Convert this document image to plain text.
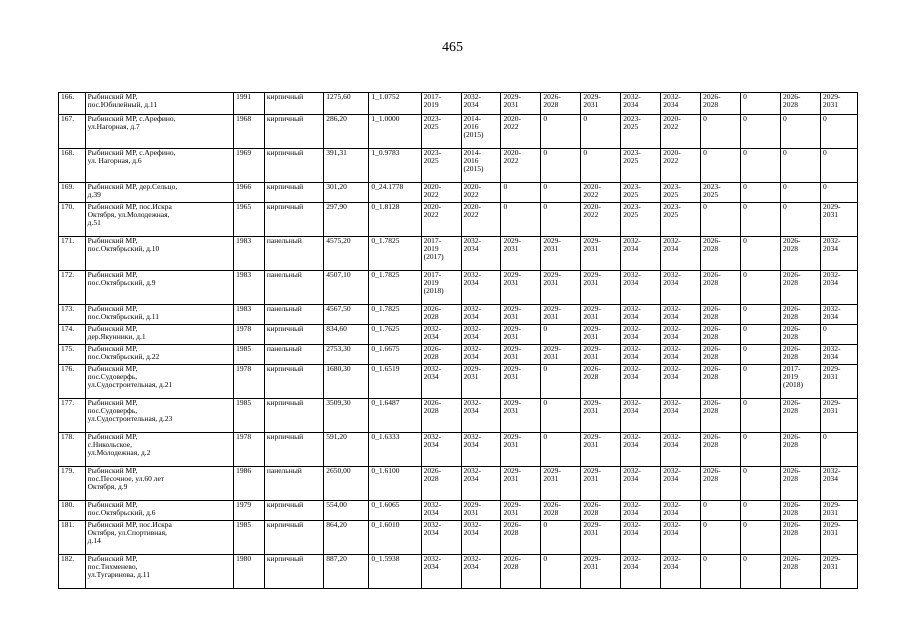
465
166.	Рыбинский МР,
пос.Юбилейный, д.11	1991	кирпичный	1275,60	1_1.0752	2017-
2019	2032-
2034	2029-
2031	2026-
2028	2029-
2031	2032-
2034	2032-
2034	2026-
2028	0	2026-
2028	2029-
2031
167.	Рыбинский МР, с.Арефино,
ул.Нагорная, д.7	1968	кирпичный	286,20	1_1.0000	2023-
2025	2014-
2016
(2015)	2020-
2022	0	0	2023-
2025	2020-
2022	0	0	0	0
168.	Рыбинский МР, с.Арефино,
ул. Нагорная, д.6	1969	кирпичный	391,31	1_0.9783	2023-
2025	2014-
2016
(2015)	2020-
2022	0	0	2023-
2025	2020-
2022	0	0	0	0
169.	Рыбинский МР, дер.Сельцо,
д.39	1966	кирпичный	301,20	0_24.1778	2020-
2022	2020-
2022	0	0	2020-
2022	2023-
2025	2023-
2025	2023-
2025	0	0	0
170.	Рыбинский МР, пос.Искра
Октября, ул.Молодежная,
д.51	1965	кирпичный	297,90	0_1.8128	2020-
2022	2020-
2022	0	0	2020-
2022	2023-
2025	2023-
2025	0	0	0	2029-
2031
171.	Рыбинский МР,
пос.Октябрьский, д.10	1983	панельный	4575,20	0_1.7825	2017-
2019
(2017)	2032-
2034	2029-
2031	2029-
2031	2029-
2031	2032-
2034	2032-
2034	2026-
2028	0	2026-
2028	2032-
2034
172.	Рыбинский МР,
пос.Октябрьский, д.9	1983	панельный	4507,10	0_1.7825	2017-
2019
(2018)	2032-
2034	2029-
2031	2029-
2031	2029-
2031	2032-
2034	2032-
2034	2026-
2028	0	2026-
2028	2032-
2034
173.	Рыбинский МР,
пос.Октябрьский, д.11	1983	панельный	4567,50	0_1.7825	2026-
2028	2032-
2034	2029-
2031	2029-
2031	2029-
2031	2032-
2034	2032-
2034	2026-
2028	0	2026-
2028	2032-
2034
174.	Рыбинский МР,
дер.Якунники, д.1	1978	кирпичный	834,60	0_1.7625	2032-
2034	2032-
2034	2029-
2031	0	2029-
2031	2032-
2034	2032-
2034	2026-
2028	0	2026-
2028	0
175.	Рыбинский МР,
пос.Октябрьский, д.22	1985	панельный	2753,30	0_1.6675	2026-
2028	2032-
2034	2029-
2031	2029-
2031	2029-
2031	2032-
2034	2032-
2034	2026-
2028	0	2026-
2028	2032-
2034
176.	Рыбинский МР,
пос.Судоверфь,
ул.Судостроительная, д.21	1978	кирпичный	1680,30	0_1.6519	2032-
2034	2029-
2031	2029-
2031	0	2026-
2028	2032-
2034	2032-
2034	2026-
2028	0	2017-
2019
(2018)	2029-
2031
177.	Рыбинский МР,
пос.Судоверфь,
ул.Судостроительная, д.23	1985	кирпичный	3509,30	0_1.6487	2026-
2028	2032-
2034	2029-
2031	0	2029-
2031	2032-
2034	2032-
2034	2026-
2028	0	2026-
2028	2029-
2031
178.	Рыбинский МР,
с.Никольское,
ул.Молодежная, д.2	1978	кирпичный	591,20	0_1.6333	2032-
2034	2032-
2034	2029-
2031	0	2029-
2031	2032-
2034	2032-
2034	2026-
2028	0	2026-
2028	0
179.	Рыбинский МР,
пос.Песочное, ул.60 лет
Октября, д.9	1986	панельный	2650,00	0_1.6100	2026-
2028	2032-
2034	2029-
2031	2029-
2031	2029-
2031	2032-
2034	2032-
2034	2026-
2028	0	2026-
2028	2032-
2034
180.	Рыбинский МР,
пос.Октябрьский, д.6	1979	кирпичный	554,00	0_1.6065	2032-
2034	2029-
2031	2029-
2031	2026-
2028	2026-
2028	2032-
2034	2032-
2034	0	0	2026-
2028	2029-
2031
181.	Рыбинский МР, пос.Искра
Октября, ул.Спортивная,
д.14	1985	кирпичный	864,20	0_1.6010	2032-
2034	2032-
2034	2026-
2028	0	2029-
2031	2032-
2034	2032-
2034	0	0	2026-
2028	2029-
2031
182.	Рыбинский МР,
пос.Тихменево,
ул.Тугаринова, д.11	1980	кирпичный	887,20	0_1.5938	2032-
2034	2032-
2034	2026-
2028	0	2029-
2031	2032-
2034	2032-
2034	0	0	2026-
2028	2029-
2031
